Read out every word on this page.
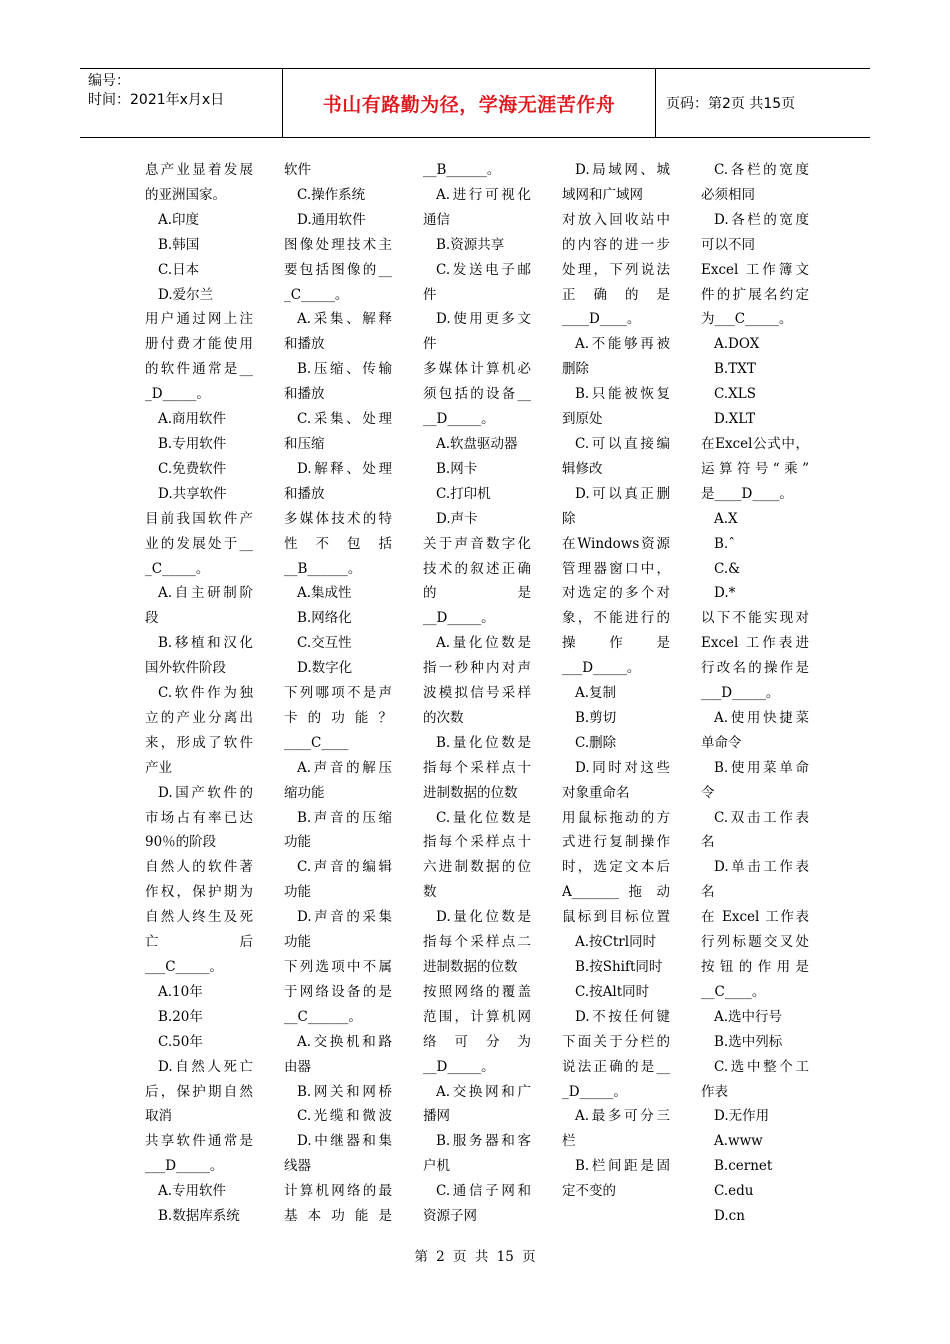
编号：
时间：2021年x月x日	书山有路勤为径，学海无涯苦作舟	页码：第2页 共15页
息产业显着发展
的亚洲国家。
A.印度
B.韩国
C.日本
D.爱尔兰
用户通过网上注
册付费才能使用
的软件通常是__
_D_____。
A.商用软件
B.专用软件
C.免费软件
D.共享软件
目前我国软件产
业的发展处于__
_C_____。
A.自主研制阶
段
B.移植和汉化
国外软件阶段
C.软件作为独
立的产业分离出
来，形成了软件
产业
D.国产软件的
市场占有率已达
90％的阶段
自然人的软件著
作权，保护期为
自然人终生及死
亡 后
___C_____。
A.10年
B.20年
C.50年
D.自然人死亡
后，保护期自然
取消
共享软件通常是
___D_____。
A.专用软件
B.数据库系统
软件
C.操作系统
D.通用软件
图像处理技术主
要包括图像的__
_C_____。
A.采集、解释
和播放
B.压缩、传输
和播放
C.采集、处理
和压缩
D.解释、处理
和播放
多媒体技术的特
性 不 包 括
__B______。
A.集成性
B.网络化
C.交互性
D.数字化
下列哪项不是声
卡 的 功 能 ？
____C____
A.声音的解压
缩功能
B.声音的压缩
功能
C.声音的编辑
功能
D.声音的采集
功能
下列选项中不属
于网络设备的是
__C______。
A.交换机和路
由器
B.网关和网桥
C.光缆和微波
D.中继器和集
线器
计算机网络的最
基 本 功 能 是
__B______。
A.进行可视化
通信
B.资源共享
C.发送电子邮
件
D.使用更多文
件
多媒体计算机必
须包括的设备__
__D_____。
A.软盘驱动器
B.网卡
C.打印机
D.声卡
关于声音数字化
技术的叙述正确
的 是
__D_____。
A.量化位数是
指一秒种内对声
波模拟信号采样
的次数
B.量化位数是
指每个采样点十
进制数据的位数
C.量化位数是
指每个采样点十
六进制数据的位
数
D.量化位数是
指每个采样点二
进制数据的位数
按照网络的覆盖
范围，计算机网
络 可 分 为
__D_____。
A.交换网和广
播网
B.服务器和客
户机
C.通信子网和
资源子网
D.局域网、城
域网和广域网
对放入回收站中
的内容的进一步
处理，下列说法
正 确 的 是
____D____。
A.不能够再被
删除
B.只能被恢复
到原处
C.可以直接编
辑修改
D.可以真正删
除
在Windows资源
管理器窗口中，
对选定的多个对
象，不能进行的
操 作 是
___D_____。
A.复制
B.剪切
C.删除
D.同时对这些
对象重命名
用鼠标拖动的方
式进行复制操作
时，选定文本后
A_______ 拖 动
鼠标到目标位置
A.按Ctrl同时
B.按Shift同时
C.按Alt同时
D.不按任何键
下面关于分栏的
说法正确的是__
_D_____。
A.最多可分三
栏
B.栏间距是固
定不变的
C.各栏的宽度
必须相同
D.各栏的宽度
可以不同
Excel 工作簿文
件的扩展名约定
为___C_____。
A.DOX
B.TXT
C.XLS
D.XLT
在Excel公式中，
运算符号“乘”
是____D____。
A.X
B.ˆ
C.&
D.*
以下不能实现对
Excel 工作表进
行改名的操作是
___D_____。
A.使用快捷菜
单命令
B.使用菜单命
令
C.双击工作表
名
D.单击工作表
名
在 Excel 工作表
行列标题交叉处
按 钮 的 作 用 是
__C____。
A.选中行号
B.选中列标
C.选中整个工
作表
D.无作用
A.www
B.cernet
C.edu
D.cn
第 2 页 共 15 页
